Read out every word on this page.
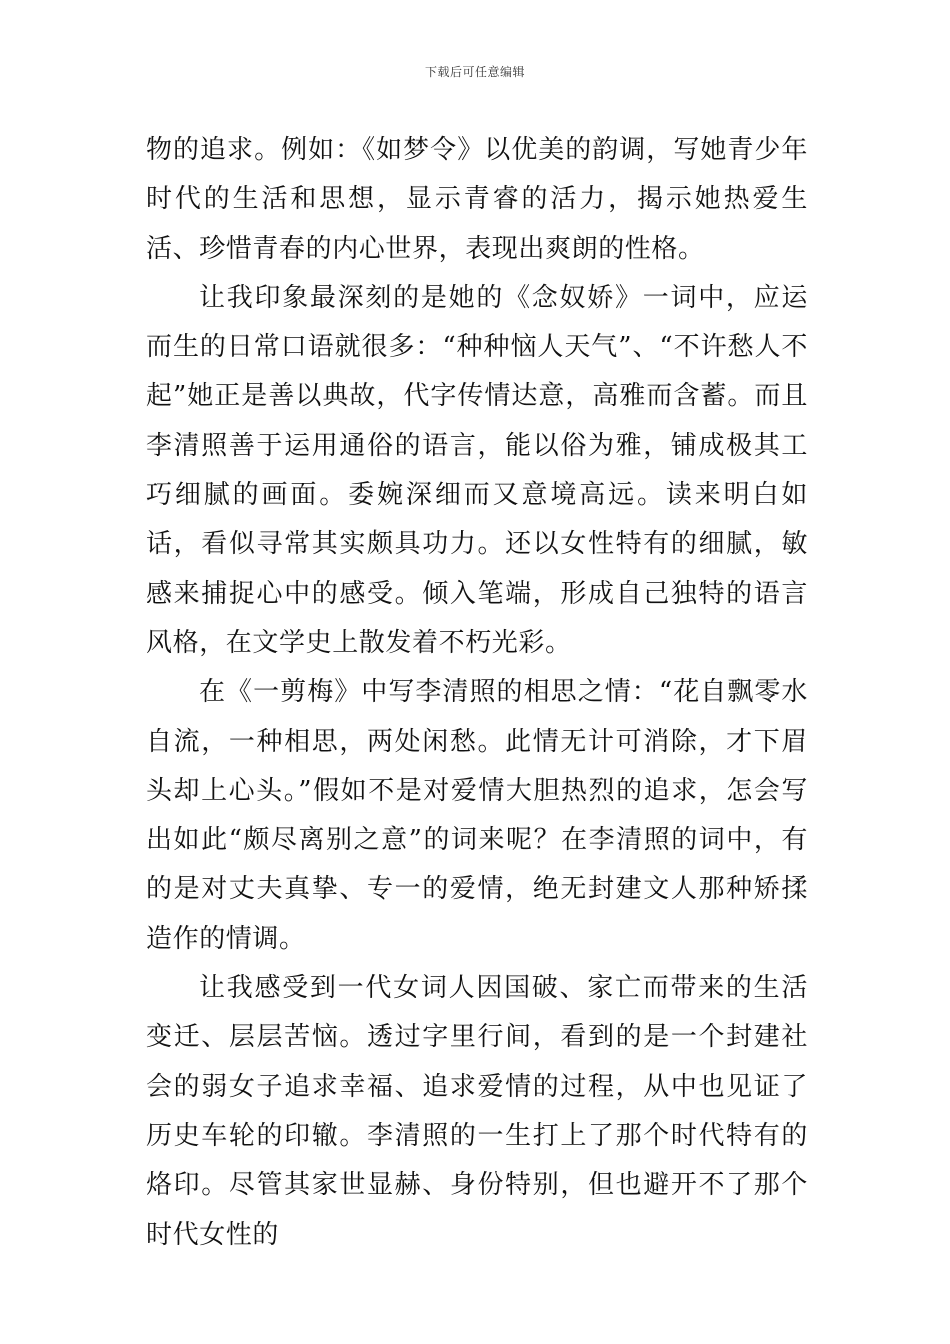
下载后可任意编辑

物的追求。例如：《如梦令》以优美的韵调，写她青少年时代的生活和思想，显示青睿的活力，揭示她热爱生活、珍惜青春的内心世界，表现出爽朗的性格。

让我印象最深刻的是她的《念奴娇》一词中，应运而生的日常口语就很多：“种种恼人天气”、“不许愁人不起”她正是善以典故，代字传情达意，高雅而含蓄。而且李清照善于运用通俗的语言，能以俗为雅，铺成极其工巧细腻的画面。委婉深细而又意境高远。读来明白如话，看似寻常其实颇具功力。还以女性特有的细腻，敏感来捕捉心中的感受。倾入笔端，形成自己独特的语言风格，在文学史上散发着不朽光彩。

在《一剪梅》中写李清照的相思之情：“花自飘零水自流，一种相思，两处闲愁。此情无计可消除，才下眉头却上心头。”假如不是对爱情大胆热烈的追求，怎会写出如此“颇尽离别之意”的词来呢？在李清照的词中，有的是对丈夫真挚、专一的爱情，绝无封建文人那种矫揉造作的情调。

让我感受到一代女词人因国破、家亡而带来的生活变迁、层层苦恼。透过字里行间，看到的是一个封建社会的弱女子追求幸福、追求爱情的过程，从中也见证了历史车轮的印辙。李清照的一生打上了那个时代特有的烙印。尽管其家世显赫、身份特别，但也避开不了那个时代女性的
